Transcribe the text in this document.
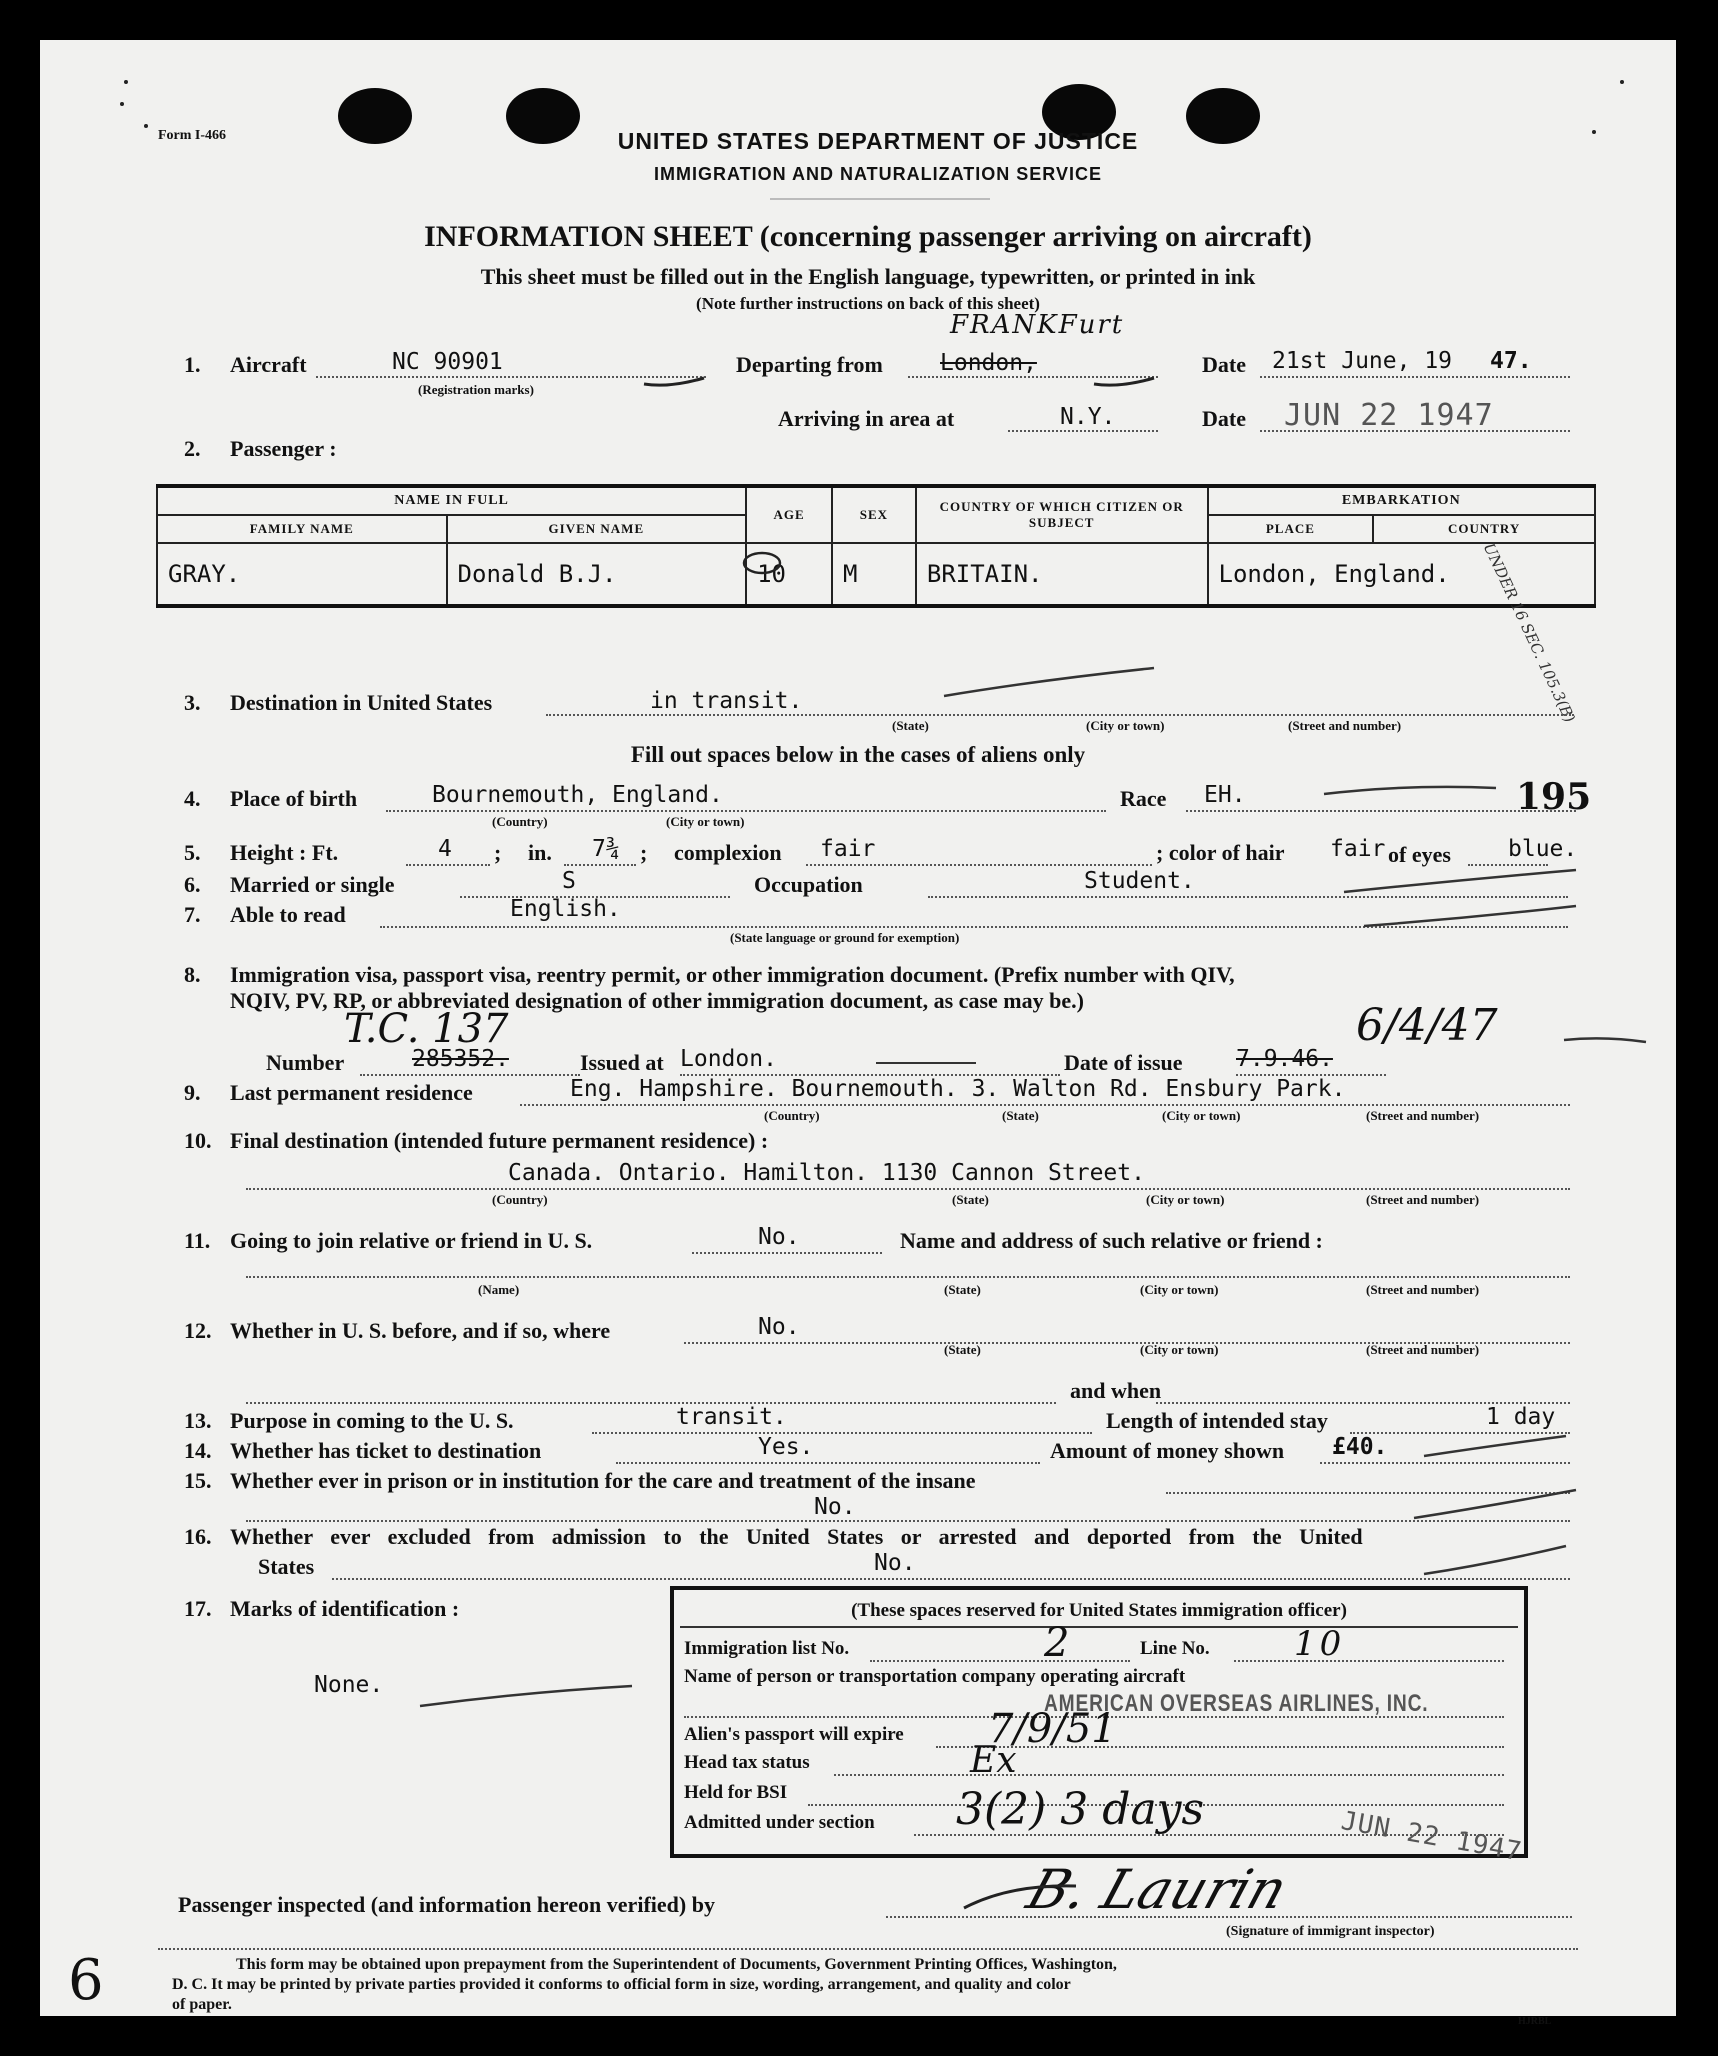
Form I-466	UNITED STATES DEPARTMENT OF JUSTICE
IMMIGRATION AND NATURALIZATION SERVICE
INFORMATION SHEET (concerning passenger arriving on aircraft)
This sheet must be filled out in the English language, typewritten, or printed in ink
(Note further instructions on back of this sheet)
1. Aircraft	NC 90901
(Registration marks)
Departing from London,
FRANKFurt
Date 21st June, 19 47.
Arriving in area at	N.Y.	Date JUN 22 1947
2. Passenger :
NAME IN FULL		AGE	SEX	COUNTRY OF WHICH CITIZEN OR SUBJECT	EMBARKATION	
FAMILY NAME	GIVEN NAME				PLACE	COUNTRY
GRAY.	Donald B.J.	10	M	BRITAIN.	London, England.	UNDER 16 SEC. 105.3(B)
3. Destination in United States	in transit.
(State)	(City or town)	(Street and number)
Fill out spaces below in the cases of aliens only
4. Place of birth	Bournemouth, England.
(Country)	(City or town)
Race EH.	195
5. Height : Ft.	4 ; in. 7¾ ; complexion fair	; color of hair fair of eyes blue.
6. Married or single	S	Occupation	Student.
7. Able to read	English.
(State language or ground for exemption)
8. Immigration visa, passport visa, reentry permit, or other immigration document. (Prefix number with QIV,
NQIV, PV, RP, or abbreviated designation of other immigration document, as case may be.)
T.C. 137	6/4/47
Number	285352.	Issued at London.	Date of issue 7.9.46.
9. Last permanent residence	Eng. Hampshire. Bournemouth. 3. Walton Rd. Ensbury Park.
(Country)	(State)	(City or town)	(Street and number)
10. Final destination (intended future permanent residence) :
Canada. Ontario. Hamilton. 1130 Cannon Street.
(Country)	(State)	(City or town)	(Street and number)
11. Going to join relative or friend in U. S.	No.	Name and address of such relative or friend :
(Name)	(State)	(City or town)	(Street and number)
12. Whether in U. S. before, and if so, where	No.
(State)	(City or town)	(Street and number)
and when
13. Purpose in coming to the U. S.	transit.	Length of intended stay	1 day
14. Whether has ticket to destination	Yes.	Amount of money shown £40.
15. Whether ever in prison or in institution for the care and treatment of the insane
No.
16. Whether ever excluded from admission to the United States or arrested and deported from the United
States	No.
17. Marks of identification :
None.
(These spaces reserved for United States immigration officer)
Immigration list No.	2	Line No. 10
Name of person or transportation company operating aircraft
AMERICAN OVERSEAS AIRLINES, INC.
Alien's passport will expire 7/9/51
Head tax status	Ex
Held for BSI
Admitted under section 3(2) 3 days	JUN 22 1947
Passenger inspected (and information hereon verified) by	B. Laurin
(Signature of immigrant inspector)
This form may be obtained upon prepayment from the Superintendent of Documents, Government Printing Offices, Washington,
D. C. It may be printed by private parties provided it conforms to official form in size, wording, arrangement, and quality and color
of paper.
6
HJRBL
